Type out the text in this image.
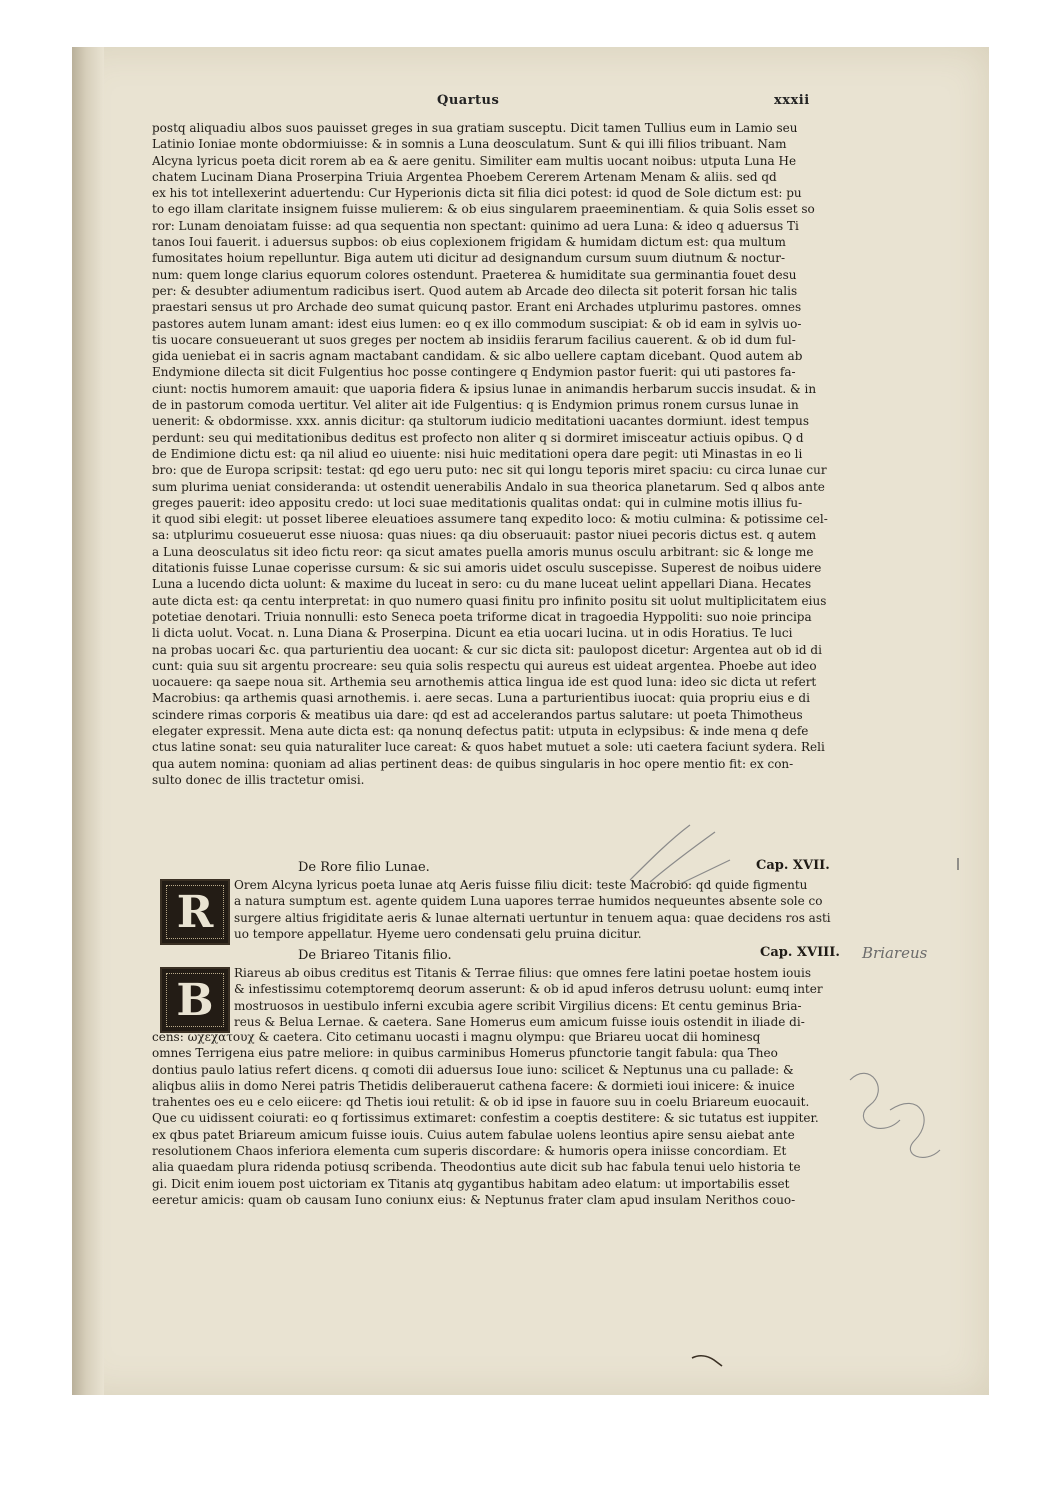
Quartus	xxxii
postq aliquadiu albos suos pauisset greges in sua gratiam susceptu. Dicit tamen Tullius eum in Lamio seu
Latinio Ioniae monte obdormiuisse: & in somnis a Luna deosculatum. Sunt & qui illi filios tribuant. Nam
Alcyna lyricus poeta dicit rorem ab ea & aere genitu. Similiter eam multis uocant noibus: utputa Luna He
chatem Lucinam Diana Proserpina Triuia Argentea Phoebem Cererem Artenam Menam & aliis. sed qd
ex his tot intellexerint aduertendu: Cur Hyperionis dicta sit filia dici potest: id quod de Sole dictum est: pu
to ego illam claritate insignem fuisse mulierem: & ob eius singularem praeeminentiam. & quia Solis esset so
ror: Lunam denoiatam fuisse: ad qua sequentia non spectant: quinimo ad uera Luna: & ideo q aduersus Ti
tanos Ioui fauerit. i aduersus supbos: ob eius coplexionem frigidam & humidam dictum est: qua multum
fumositates hoium repelluntur. Biga autem uti dicitur ad designandum cursum suum diutnum & noctur-
num: quem longe clarius equorum colores ostendunt. Praeterea & humiditate sua germinantia fouet desu
per: & desubter adiumentum radicibus isert. Quod autem ab Arcade deo dilecta sit poterit forsan hic talis
praestari sensus ut pro Archade deo sumat quicunq pastor. Erant eni Archades utplurimu pastores. omnes
pastores autem lunam amant: idest eius lumen: eo q ex illo commodum suscipiat: & ob id eam in sylvis uo-
tis uocare consueuerant ut suos greges per noctem ab insidiis ferarum facilius cauerent. & ob id dum ful-
gida ueniebat ei in sacris agnam mactabant candidam. & sic albo uellere captam dicebant. Quod autem ab
Endymione dilecta sit dicit Fulgentius hoc posse contingere q Endymion pastor fuerit: qui uti pastores fa-
ciunt: noctis humorem amauit: que uaporia fidera & ipsius lunae in animandis herbarum succis insudat. & in
de in pastorum comoda uertitur. Vel aliter ait ide Fulgentius: q is Endymion primus ronem cursus lunae in
uenerit: & obdormisse. xxx. annis dicitur: qa stultorum iudicio meditationi uacantes dormiunt. idest tempus
perdunt: seu qui meditationibus deditus est profecto non aliter q si dormiret imisceatur actiuis opibus. Q d
de Endimione dictu est: qa nil aliud eo uiuente: nisi huic meditationi opera dare pegit: uti Minastas in eo li
bro: que de Europa scripsit: testat: qd ego ueru puto: nec sit qui longu teporis miret spaciu: cu circa lunae cur
sum plurima ueniat consideranda: ut ostendit uenerabilis Andalo in sua theorica planetarum. Sed q albos ante
greges pauerit: ideo appositu credo: ut loci suae meditationis qualitas ondat: qui in culmine motis illius fu-
it quod sibi elegit: ut posset liberee eleuatioes assumere tanq expedito loco: & motiu culmina: & potissime cel-
sa: utplurimu cosueuerut esse niuosa: quas niues: qa diu obseruauit: pastor niuei pecoris dictus est. q autem
a Luna deosculatus sit ideo fictu reor: qa sicut amates puella amoris munus osculu arbitrant: sic & longe me
ditationis fuisse Lunae coperisse cursum: & sic sui amoris uidet osculu suscepisse. Superest de noibus uidere
Luna a lucendo dicta uolunt: & maxime du luceat in sero: cu du mane luceat uelint appellari Diana. Hecates
aute dicta est: qa centu interpretat: in quo numero quasi finitu pro infinito positu sit uolut multiplicitatem eius
potetiae denotari. Triuia nonnulli: esto Seneca poeta triforme dicat in tragoedia Hyppoliti: suo noie principa
li dicta uolut. Vocat. n. Luna Diana & Proserpina. Dicunt ea etia uocari lucina. ut in odis Horatius. Te luci
na probas uocari &c. qua parturientiu dea uocant: & cur sic dicta sit: paulopost dicetur: Argentea aut ob id di
cunt: quia suu sit argentu procreare: seu quia solis respectu qui aureus est uideat argentea. Phoebe aut ideo
uocauere: qa saepe noua sit. Arthemia seu arnothemis attica lingua ide est quod luna: ideo sic dicta ut refert
Macrobius: qa arthemis quasi arnothemis. i. aere secas. Luna a parturientibus iuocat: quia propriu eius e di
scindere rimas corporis & meatibus uia dare: qd est ad accelerandos partus salutare: ut poeta Thimotheus
elegater expressit. Mena aute dicta est: qa nonunq defectus patit: utputa in eclypsibus: & inde mena q defe
ctus latine sonat: seu quia naturaliter luce careat: & quos habet mutuet a sole: uti caetera faciunt sydera. Reli
qua autem nomina: quoniam ad alias pertinent deas: de quibus singularis in hoc opere mentio fit: ex con-
sulto donec de illis tractetur omisi.
De Rore filio Lunae.	Cap. XVII.
R
Orem Alcyna lyricus poeta lunae atq Aeris fuisse filiu dicit: teste Macrobio: qd quide figmentu
a natura sumptum est. agente quidem Luna uapores terrae humidos nequeuntes absente sole co
surgere altius frigiditate aeris & lunae alternati uertuntur in tenuem aqua: quae decidens ros asti
uo tempore appellatur. Hyeme uero condensati gelu pruina dicitur.
De Briareo Titanis filio.	Cap. XVIII. Briareus
B
Riareus ab oibus creditus est Titanis & Terrae filius: que omnes fere latini poetae hostem iouis
& infestissimu cotemptoremq deorum asserunt: & ob id apud inferos detrusu uolunt: eumq inter
mostruosos in uestibulo inferni excubia agere scribit Virgilius dicens: Et centu geminus Bria-
reus & Belua Lernae. & caetera. Sane Homerus eum amicum fuisse iouis ostendit in iliade di-
cens: ωχεχατουχ & caetera. Cito cetimanu uocasti i magnu olympu: que Briareu uocat dii hominesq
omnes Terrigena eius patre meliore: in quibus carminibus Homerus pfunctorie tangit fabula: qua Theo
dontius paulo latius refert dicens. q comoti dii aduersus Ioue iuno: scilicet & Neptunus una cu pallade: &
aliqbus aliis in domo Nerei patris Thetidis deliberauerut cathena facere: & dormieti ioui inicere: & inuice
trahentes oes eu e celo eiicere: qd Thetis ioui retulit: & ob id ipse in fauore suu in coelu Briareum euocauit.
Que cu uidissent coiurati: eo q fortissimus extimaret: confestim a coeptis destitere: & sic tutatus est iuppiter.
ex qbus patet Briareum amicum fuisse iouis. Cuius autem fabulae uolens leontius apire sensu aiebat ante
resolutionem Chaos inferiora elementa cum superis discordare: & humoris opera iniisse concordiam. Et
alia quaedam plura ridenda potiusq scribenda. Theodontius aute dicit sub hac fabula tenui uelo historia te
gi. Dicit enim iouem post uictoriam ex Titanis atq gygantibus habitam adeo elatum: ut importabilis esset
eeretur amicis: quam ob causam Iuno coniunx eius: & Neptunus frater clam apud insulam Nerithos couo-
